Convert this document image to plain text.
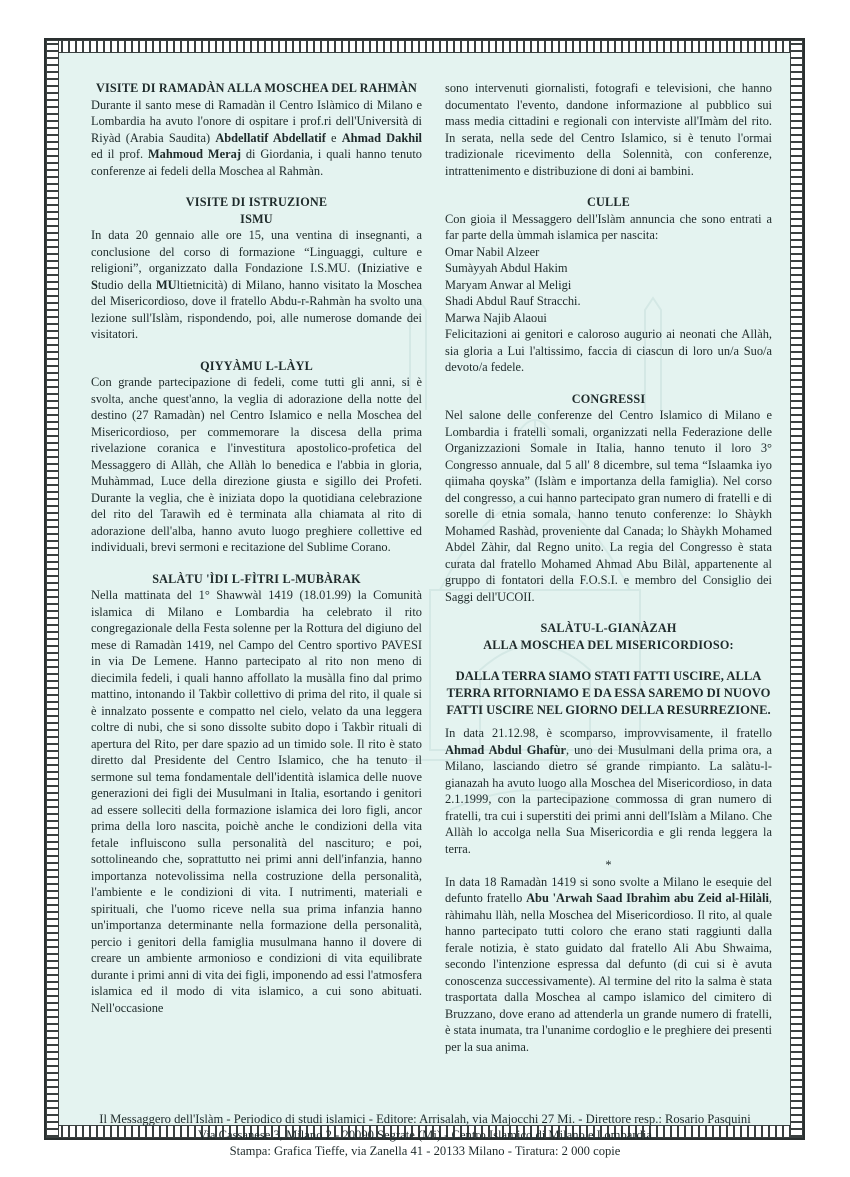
VISITE DI RAMADÀN ALLA MOSCHEA DEL RAHMÀN

Durante il santo mese di Ramadàn il Centro Islàmico di Milano e Lombardia ha avuto l'onore di ospitare i prof.ri dell'Università di Riyàd (Arabia Saudita) Abdellatif Abdellatif e Ahmad Dakhil ed il prof. Mahmoud Meraj di Giordania, i quali hanno tenuto conferenze ai fedeli della Moschea al Rahmàn.

VISITE DI ISTRUZIONE
ISMU

In data 20 gennaio alle ore 15, una ventina di insegnanti, a conclusione del corso di formazione “Linguaggi, culture e religioni”, organizzato dalla Fondazione I.S.MU. (Iniziative e Studio della MUltietnicità) di Milano, hanno visitato la Moschea del Misericordioso, dove il fratello Abdu-r-Rahmàn ha svolto una lezione sull'Islàm, rispondendo, poi, alle numerose domande dei visitatori.

QIYYÀMU L-LÀYL

Con grande partecipazione di fedeli, come tutti gli anni, si è svolta, anche quest'anno, la veglia di adorazione della notte del destino (27 Ramadàn) nel Centro Islamico e nella Moschea del Misericordioso, per commemorare la discesa della prima rivelazione coranica e l'investitura apostolico-profetica del Messaggero di Allàh, che Allàh lo benedica e l'abbia in gloria, Muhàmmad, Luce della direzione giusta e sigillo dei Profeti. Durante la veglia, che è iniziata dopo la quotidiana celebrazione del rito del Tarawìh ed è terminata alla chiamata al rito di adorazione dell'alba, hanno avuto luogo preghiere collettive ed individuali, brevi sermoni e recitazione del Sublime Corano.

SALÀTU 'ÌDI L-FÌTRI L-MUBÀRAK

Nella mattinata del 1° Shawwàl 1419 (18.01.99) la Comunità islamica di Milano e Lombardia ha celebrato il rito congregazionale della Festa solenne per la Rottura del digiuno del mese di Ramadàn 1419, nel Campo del Centro sportivo PAVESI in via De Lemene. Hanno partecipato al rito non meno di diecimila fedeli, i quali hanno affollato la musàlla fino dal primo mattino, intonando il Takbìr collettivo di prima del rito, il quale si è innalzato possente e compatto nel cielo, velato da una leggera coltre di nubi, che si sono dissolte subito dopo i Takbìr rituali di apertura del Rito, per dare spazio ad un timido sole. Il rito è stato diretto dal Presidente del Centro Islamico, che ha tenuto il sermone sul tema fondamentale dell'identità islamica delle nuove generazioni dei figli dei Musulmani in Italia, esortando i genitori ad essere solleciti della formazione islamica dei loro figli, ancor prima della loro nascita, poichè anche le condizioni della vita fetale influiscono sulla personalità del nascituro; e poi, sottolineando che, soprattutto nei primi anni dell'infanzia, hanno importanza notevolissima nella costruzione della personalità, l'ambiente e le condizioni di vita. I nutrimenti, materiali e spirituali, che l'uomo riceve nella sua prima infanzia hanno un'importanza determinante nella formazione della personalità, percio i genitori della famiglia musulmana hanno il dovere di creare un ambiente armonioso e condizioni di vita equilibrate durante i primi anni di vita dei figli, imponendo ad essi l'atmosfera islamica ed il modo di vita islamico, a cui sono abituati. Nell'occasione

sono intervenuti giornalisti, fotografi e televisioni, che hanno documentato l'evento, dandone informazione al pubblico sui mass media cittadini e regionali con interviste all'Imàm del rito. In serata, nella sede del Centro Islamico, si è tenuto l'ormai tradizionale ricevimento della Solennità, con conferenze, intrattenimento e distribuzione di doni ai bambini.

CULLE

Con gioia il Messaggero dell'Islàm annuncia che sono entrati a far parte della ùmmah islamica per nascita:

Omar Nabil Alzeer
Sumàyyah Abdul Hakim
Maryam Anwar al Meligi
Shadi Abdul Rauf Stracchi.
Marwa Najib Alaoui

Felicitazioni ai genitori e caloroso augurio ai neonati che Allàh, sia gloria a Lui l'altissimo, faccia di ciascun di loro un/a Suo/a devoto/a fedele.

CONGRESSI

Nel salone delle conferenze del Centro Islamico di Milano e Lombardia i fratelli somali, organizzati nella Federazione delle Organizzazioni Somale in Italia, hanno tenuto il loro 3° Congresso annuale, dal 5 all' 8 dicembre, sul tema “Islaamka iyo qiimaha qoyska” (Islàm e importanza della famiglia). Nel corso del congresso, a cui hanno partecipato gran numero di fratelli e di sorelle di etnia somala, hanno tenuto conferenze: lo Shàykh Mohamed Rashàd, proveniente dal Canada; lo Shàykh Mohamed Abdel Zàhir, dal Regno unito. La regia del Congresso è stata curata dal fratello Mohamed Ahmad Abu Bilàl, appartenente al gruppo di fontatori della F.O.S.I. e membro del Consiglio dei Saggi dell'UCOII.

SALÀTU-L-GIANÀZAH
ALLA MOSCHEA DEL MISERICORDIOSO:

DALLA TERRA SIAMO STATI FATTI USCIRE, ALLA TERRA RITORNIAMO E DA ESSA SAREMO DI NUOVO FATTI USCIRE NEL GIORNO DELLA RESURREZIONE.

In data 21.12.98, è scomparso, improvvisamente, il fratello Ahmad Abdul Ghafùr, uno dei Musulmani della prima ora, a Milano, lasciando dietro sé grande rimpianto. La salàtu-l-gianazah ha avuto luogo alla Moschea del Misericordioso, in data 2.1.1999, con la partecipazione commossa di gran numero di fratelli, tra cui i superstiti dei primi anni dell'Islàm a Milano. Che Allàh lo accolga nella Sua Misericordia e gli renda leggera la terra.

*

In data 18 Ramadàn 1419 si sono svolte a Milano le esequie del defunto fratello Abu 'Arwah Saad Ibrahìm abu Zeid al-Hilàli, ràhimahu llàh, nella Moschea del Misericordioso. Il rito, al quale hanno partecipato tutti coloro che erano stati raggiunti dalla ferale notizia, è stato guidato dal fratello Ali Abu Shwaima, secondo l'intenzione espressa dal defunto (di cui si è avuta conoscenza successivamente). Al termine del rito la salma è stata trasportata dalla Moschea al campo islamico del cimitero di Bruzzano, dove erano ad attenderla un grande numero di fratelli, è stata inumata, tra l'unanime cordoglio e le preghiere dei presenti per la sua anima.

Il Messaggero dell'Islàm - Periodico di studi islamici - Editore: Arrisalah, via Majocchi 27 Mi. - Direttore resp.: Rosario Pasquini
Via Cassanese 3, Milano 2 - 20090 Segrate (Mi) - Centro Islamico di Milano e Lombardia
Stampa: Grafica Tieffe, via Zanella 41 - 20133 Milano - Tiratura: 2 000 copie
